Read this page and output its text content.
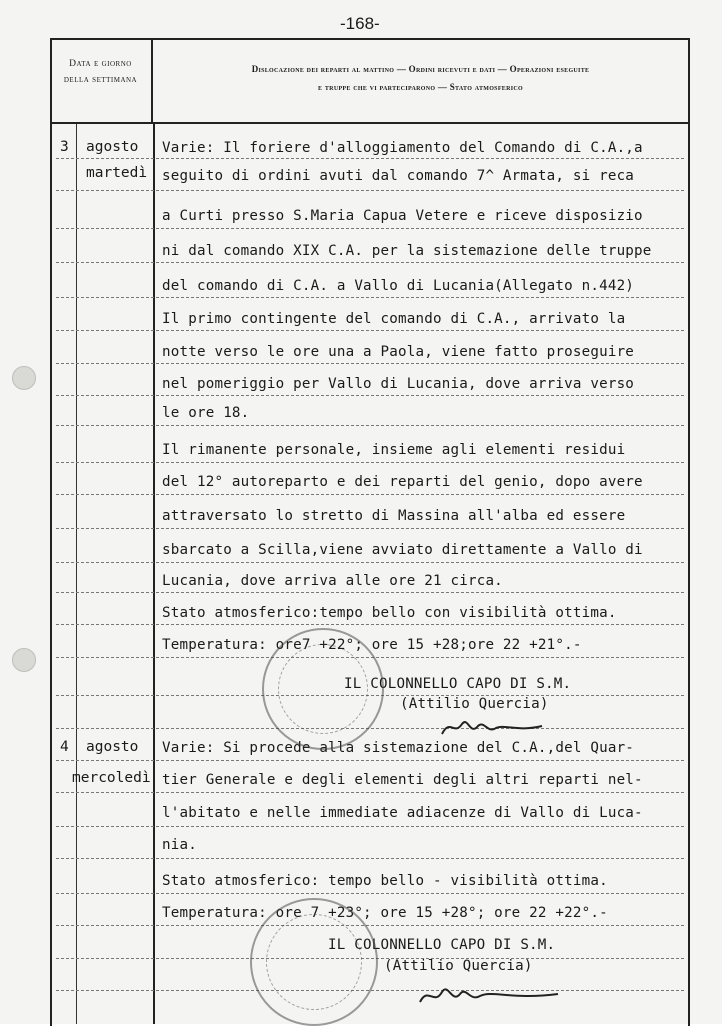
-168-
Data e giorno
della settimana
Dislocazione dei reparti al mattino — Ordini ricevuti e dati — Operazioni eseguite
e truppe che vi parteciparono — Stato atmosferico
3 agosto
martedì
Varie: Il foriere d'alloggiamento del Comando di C.A.,a
seguito di ordini avuti dal comando 7^ Armata, si reca
a Curti presso S.Maria Capua Vetere e riceve disposizio
ni dal comando XIX C.A. per la sistemazione delle truppe
del comando di C.A. a Vallo di Lucania(Allegato n.442)
Il primo contingente del comando di C.A., arrivato la
notte verso le ore una a Paola, viene fatto proseguire
nel pomeriggio per Vallo di Lucania, dove arriva verso
le ore 18.
Il rimanente personale, insieme agli elementi residui
del 12° autoreparto e dei reparti del genio, dopo avere
attraversato lo stretto di Massina all'alba ed essere
sbarcato a Scilla,viene avviato direttamente a Vallo di
Lucania, dove arriva alle ore 21 circa.
Stato atmosferico:tempo bello con visibilità ottima.
Temperatura: ore7 +22°; ore 15 +28;ore 22 +21°.-
IL COLONNELLO CAPO DI S.M.
(Attilio Quercia)
4 agosto
mercoledì
Varie: Si procede alla sistemazione del C.A.,del Quar-
tier Generale e degli elementi degli altri reparti nel-
l'abitato e nelle immediate adiacenze di Vallo di Luca-
nia.
Stato atmosferico: tempo bello - visibilità ottima.
Temperatura: ore 7 +23°; ore 15 +28°; ore 22 +22°.-
IL COLONNELLO CAPO DI S.M.
(Attilio Quercia)
